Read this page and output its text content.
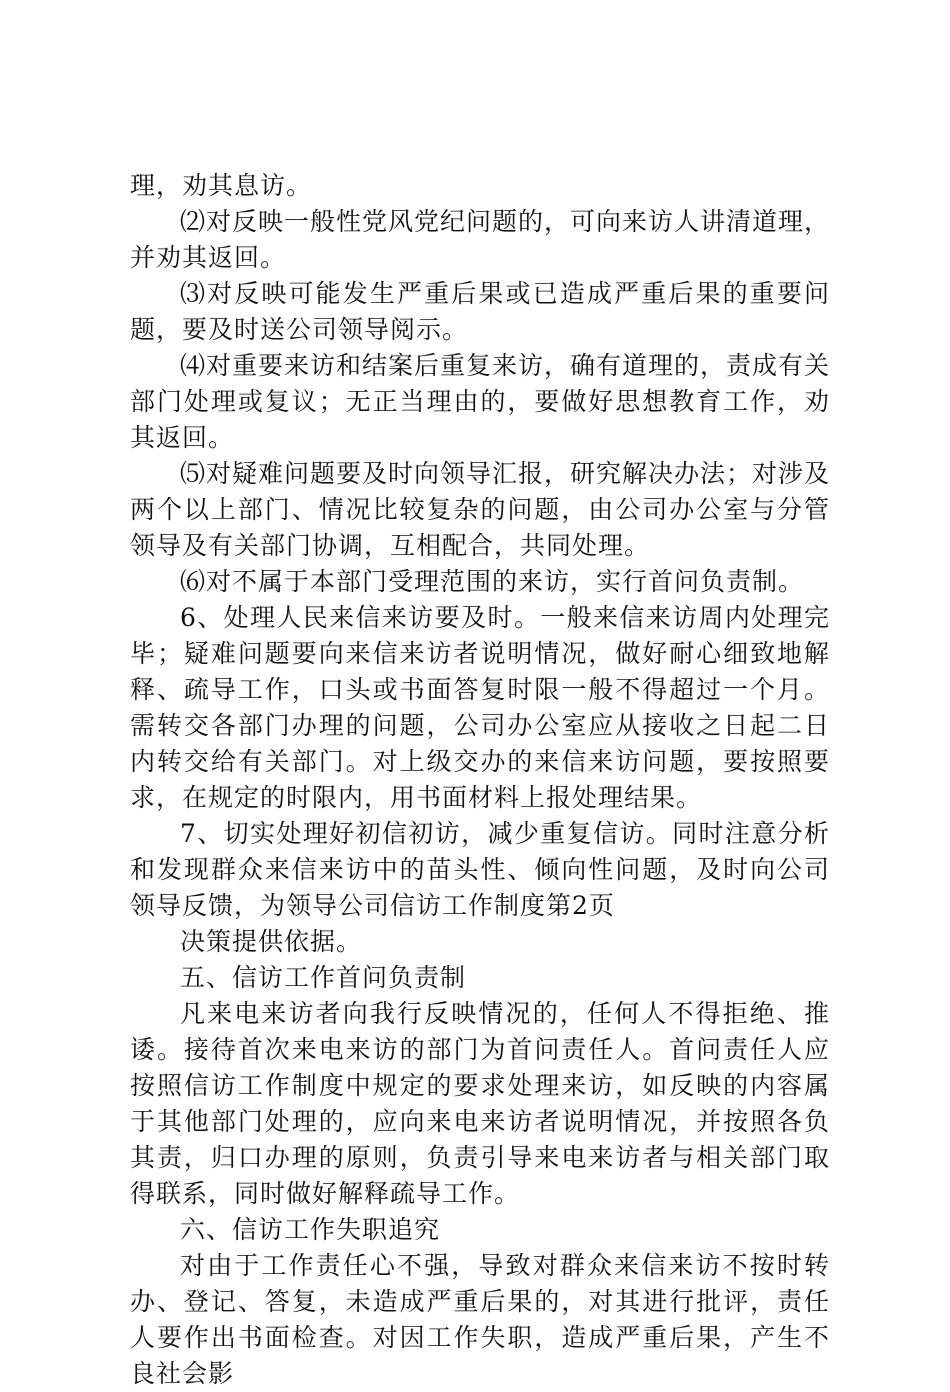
理，劝其息访。

⑵对反映一般性党风党纪问题的，可向来访人讲清道理，并劝其返回。

⑶对反映可能发生严重后果或已造成严重后果的重要问题，要及时送公司领导阅示。

⑷对重要来访和结案后重复来访，确有道理的，责成有关部门处理或复议；无正当理由的，要做好思想教育工作，劝其返回。

⑸对疑难问题要及时向领导汇报，研究解决办法；对涉及两个以上部门、情况比较复杂的问题，由公司办公室与分管领导及有关部门协调，互相配合，共同处理。

⑹对不属于本部门受理范围的来访，实行首问负责制。

6、处理人民来信来访要及时。一般来信来访周内处理完毕；疑难问题要向来信来访者说明情况，做好耐心细致地解释、疏导工作，口头或书面答复时限一般不得超过一个月。需转交各部门办理的问题，公司办公室应从接收之日起二日内转交给有关部门。对上级交办的来信来访问题，要按照要求，在规定的时限内，用书面材料上报处理结果。

7、切实处理好初信初访，减少重复信访。同时注意分析和发现群众来信来访中的苗头性、倾向性问题，及时向公司领导反馈，为领导公司信访工作制度第2页

决策提供依据。

五、信访工作首问负责制

凡来电来访者向我行反映情况的，任何人不得拒绝、推诿。接待首次来电来访的部门为首问责任人。首问责任人应按照信访工作制度中规定的要求处理来访，如反映的内容属于其他部门处理的，应向来电来访者说明情况，并按照各负其责，归口办理的原则，负责引导来电来访者与相关部门取得联系，同时做好解释疏导工作。

六、信访工作失职追究

对由于工作责任心不强，导致对群众来信来访不按时转办、登记、答复，未造成严重后果的，对其进行批评，责任人要作出书面检查。对因工作失职，造成严重后果，产生不良社会影
